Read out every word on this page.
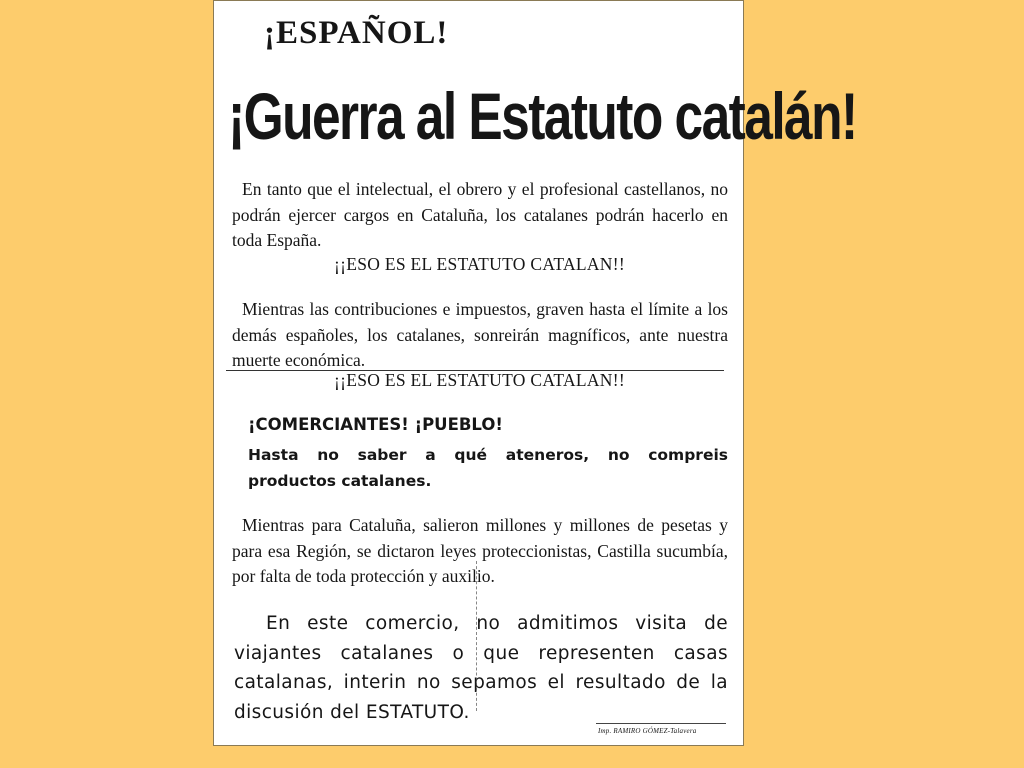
¡ESPAÑOL!
¡Guerra al Estatuto catalán!

En tanto que el intelectual, el obrero y el profesional castellanos, no podrán ejercer cargos en Cataluña, los catalanes podrán hacerlo en toda España.

¡¡ESO ES EL ESTATUTO CATALAN!!

Mientras las contribuciones e impuestos, graven hasta el límite a los demás españoles, los catalanes, sonreirán magníficos, ante nuestra muerte económica.

¡¡ESO ES EL ESTATUTO CATALAN!!

¡COMERCIANTES! ¡PUEBLO!

Hasta no saber a qué ateneros, no compreis productos catalanes.

Mientras para Cataluña, salieron millones y millones de pesetas y para esa Región, se dictaron leyes proteccionistas, Castilla sucumbía, por falta de toda protección y auxilio.

En este comercio, no admitimos visita de viajantes catalanes o que representen casas catalanas, interin no sepamos el resultado de la discusión del ESTATUTO.

Imp. RAMIRO GÓMEZ-Talavera
